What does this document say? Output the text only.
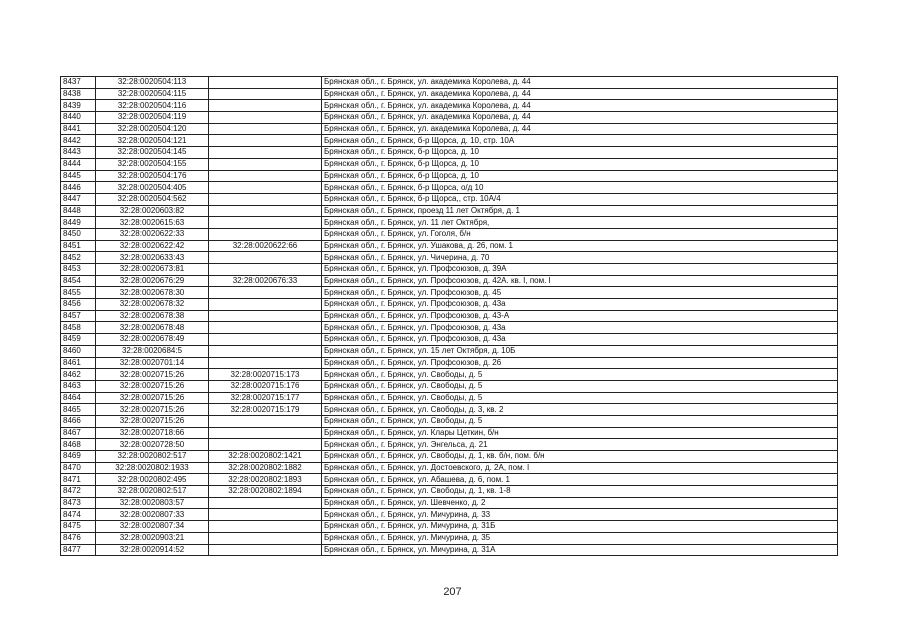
8437	32:28:0020504:113		Брянская обл., г. Брянск, ул. академика Королева, д. 44
8438	32:28:0020504:115		Брянская обл., г. Брянск, ул. академика Королева, д. 44
8439	32:28:0020504:116		Брянская обл., г. Брянск, ул. академика Королева, д. 44
8440	32:28:0020504:119		Брянская обл., г. Брянск, ул. академика Королева, д. 44
8441	32:28:0020504:120		Брянская обл., г. Брянск, ул. академика Королева, д. 44
8442	32:28:0020504:121		Брянская обл., г. Брянск, б-р Щорса, д. 10, стр. 10А
8443	32:28:0020504:145		Брянская обл., г. Брянск, б-р Щорса, д. 10
8444	32:28:0020504:155		Брянская обл., г. Брянск, б-р Щорса, д. 10
8445	32:28:0020504:176		Брянская обл., г. Брянск, б-р Щорса, д. 10
8446	32:28:0020504:405		Брянская обл., г. Брянск, б-р Щорса, о/д 10
8447	32:28:0020504:562		Брянская обл., г. Брянск, б-р Щорса,, стр. 10А/4
8448	32:28:0020603:82		Брянская обл., г. Брянск, проезд 11 лет Октября, д. 1
8449	32:28:0020615:63		Брянская обл., г. Брянск, ул. 11 лет Октября,
8450	32:28:0020622:33		Брянская обл., г. Брянск, ул. Гоголя, б/н
8451	32:28:0020622:42	32:28:0020622:66	Брянская обл., г. Брянск, ул. Ушакова, д. 26, пом. 1
8452	32:28:0020633:43		Брянская обл., г. Брянск, ул. Чичерина, д. 70
8453	32:28:0020673:81		Брянская обл., г. Брянск, ул. Профсоюзов, д. 39А
8454	32:28:0020676:29	32:28:0020676:33	Брянская обл., г. Брянск, ул. Профсоюзов, д. 42А. кв. I, пом. I
8455	32:28:0020678:30		Брянская обл., г. Брянск, ул. Профсоюзов, д. 45
8456	32:28:0020678:32		Брянская обл., г. Брянск, ул. Профсоюзов, д. 43а
8457	32:28:0020678:38		Брянская обл., г. Брянск, ул. Профсоюзов, д. 43-А
8458	32:28:0020678:48		Брянская обл., г. Брянск, ул. Профсоюзов, д. 43а
8459	32:28:0020678:49		Брянская обл., г. Брянск, ул. Профсоюзов, д. 43а
8460	32:28:0020684:5		Брянская обл., г. Брянск, ул. 15 лет Октября, д. 10Б
8461	32:28:0020701:14		Брянская обл., г. Брянск, ул. Профсоюзов, д. 26
8462	32:28:0020715:26	32:28:0020715:173	Брянская обл., г. Брянск, ул. Свободы, д. 5
8463	32:28:0020715:26	32:28:0020715:176	Брянская обл., г. Брянск, ул. Свободы, д. 5
8464	32:28:0020715:26	32:28:0020715:177	Брянская обл., г. Брянск, ул. Свободы, д. 5
8465	32:28:0020715:26	32:28:0020715:179	Брянская обл., г. Брянск, ул. Свободы, д. 3, кв. 2
8466	32:28:0020715:26		Брянская обл., г. Брянск, ул. Свободы, д. 5
8467	32:28:0020718:66		Брянская обл., г. Брянск, ул. Клары Цеткин, б/н
8468	32:28:0020728:50		Брянская обл., г. Брянск, ул. Энгельса, д. 21
8469	32:28:0020802:517	32:28:0020802:1421	Брянская обл., г. Брянск, ул. Свободы, д. 1, кв. б/н, пом. б/н
8470	32:28:0020802:1933	32:28:0020802:1882	Брянская обл., г. Брянск, ул. Достоевского, д. 2А, пом. I
8471	32:28:0020802:495	32:28:0020802:1893	Брянская обл., г. Брянск, ул. Абашева, д. 6, пом. 1
8472	32:28:0020802:517	32:28:0020802:1894	Брянская обл., г. Брянск, ул. Свободы, д. 1, кв. 1-8
8473	32:28:0020803:57		Брянская обл., г. Брянск, ул. Шевченко, д. 2
8474	32:28:0020807:33		Брянская обл., г. Брянск, ул. Мичурина, д. 33
8475	32:28:0020807:34		Брянская обл., г. Брянск, ул. Мичурина, д. 31Б
8476	32:28:0020903:21		Брянская обл., г. Брянск, ул. Мичурина, д. 35
8477	32:28:0020914:52		Брянская обл., г. Брянск, ул. Мичурина, д. 31А
207
